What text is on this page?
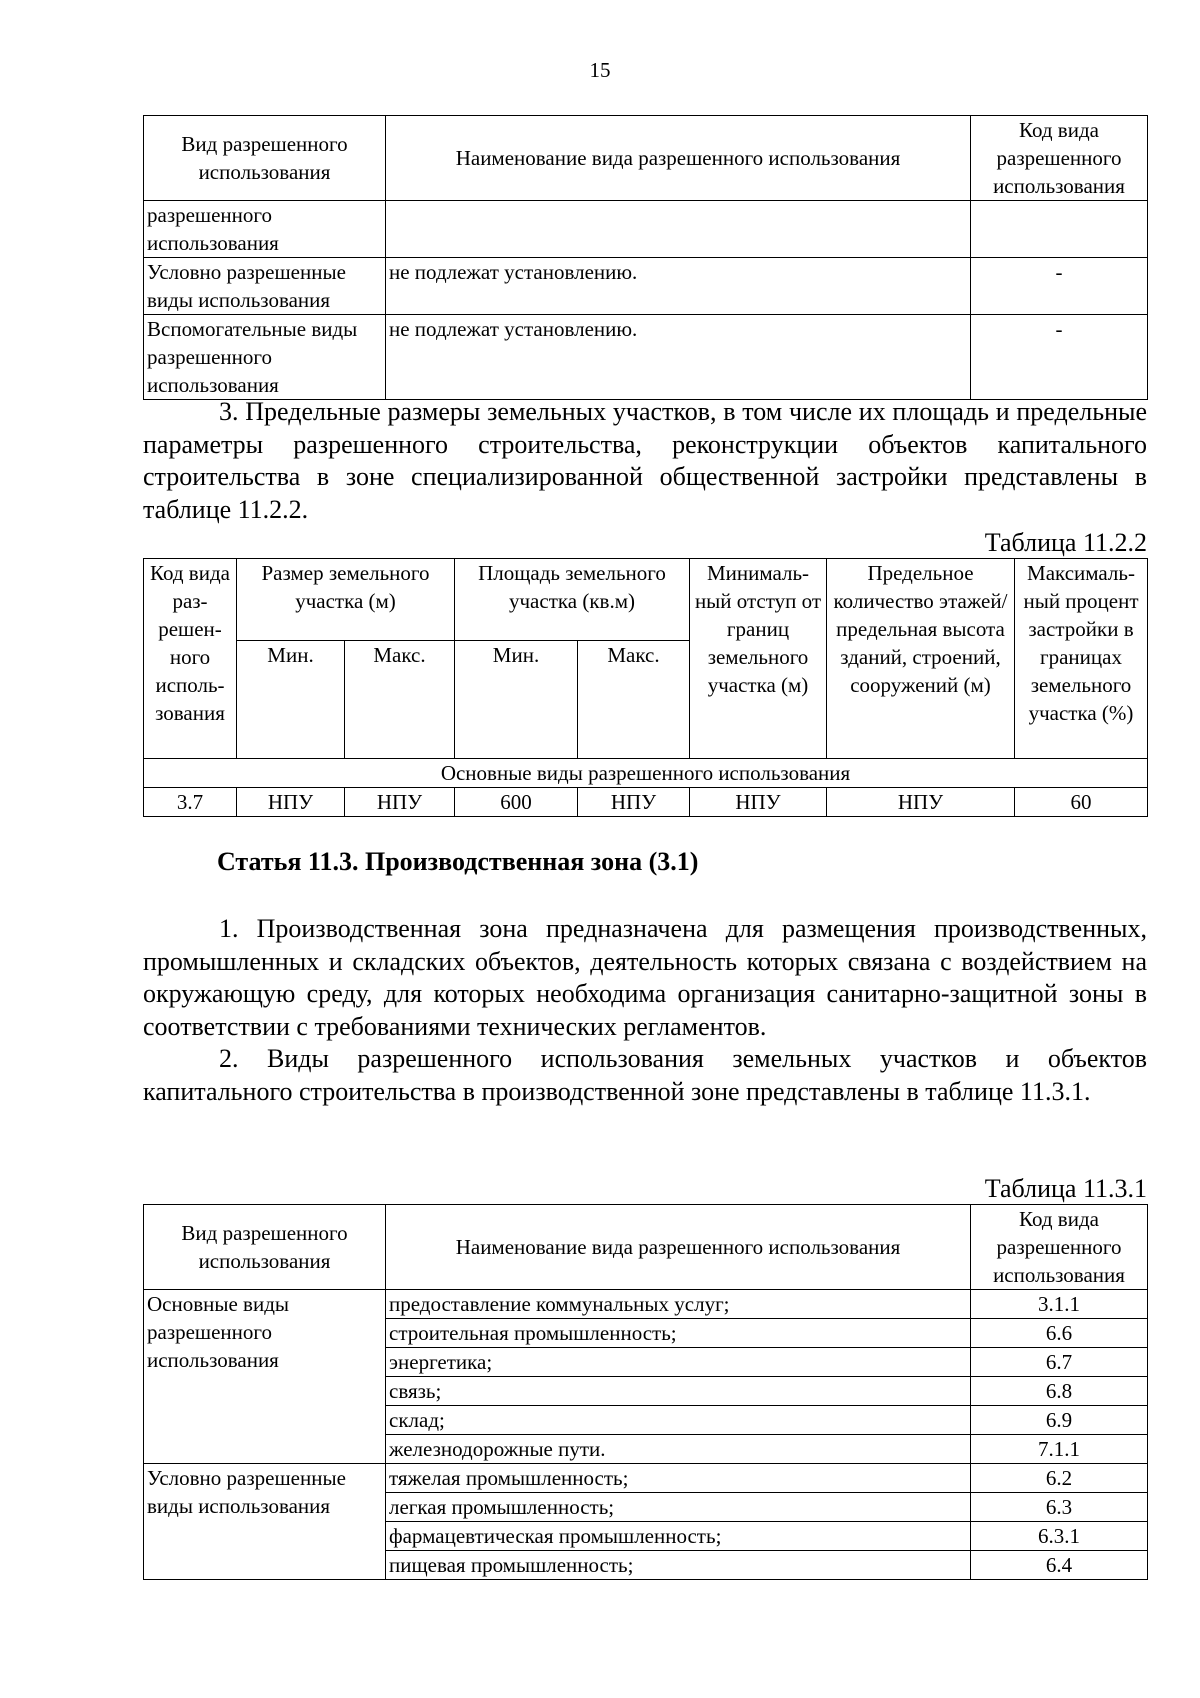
15
Вид разрешенного использования	Наименование вида разрешенного использования	Код вида разрешенного использования
разрешенного использования		
Условно разрешенные виды использования	не подлежат установлению.	-
Вспомогательные виды разрешенного использования	не подлежат установлению.	-

3. Предельные размеры земельных участков, в том числе их площадь и предельные параметры разрешенного строительства, реконструкции объектов капитального строительства в зоне специализированной общественной застройки представлены в таблице 11.2.2.

Таблица 11.2.2
Код вида раз- решен- ного исполь- зования	Размер земельного участка (м)		Площадь земельного участка (кв.м)		Минималь- ный отступ от границ земельного участка (м)	Предельное количество этажей/ предельная высота зданий, строений, сооружений (м)	Максималь- ный процент застройки в границах земельного участка (%)
	Мин.	Макс.	Мин.	Макс.			
Основные виды разрешенного использования							
3.7	НПУ	НПУ	600	НПУ	НПУ	НПУ	60
Статья 11.3. Производственная зона (3.1)

1. Производственная зона предназначена для размещения производственных, промышленных и складских объектов, деятельность которых связана с воздействием на окружающую среду, для которых необходима организация санитарно-защитной зоны в соответствии с требованиями технических регламентов.

2. Виды разрешенного использования земельных участков и объектов капитального строительства в производственной зоне представлены в таблице 11.3.1.

Таблица 11.3.1
Вид разрешенного использования	Наименование вида разрешенного использования	Код вида разрешенного использования
Основные виды разрешенного использования	предоставление коммунальных услуг;	3.1.1
	строительная промышленность;	6.6
	энергетика;	6.7
	связь;	6.8
	склад;	6.9
	железнодорожные пути.	7.1.1
Условно разрешенные виды использования	тяжелая промышленность;	6.2
	легкая промышленность;	6.3
	фармацевтическая промышленность;	6.3.1
	пищевая промышленность;	6.4
